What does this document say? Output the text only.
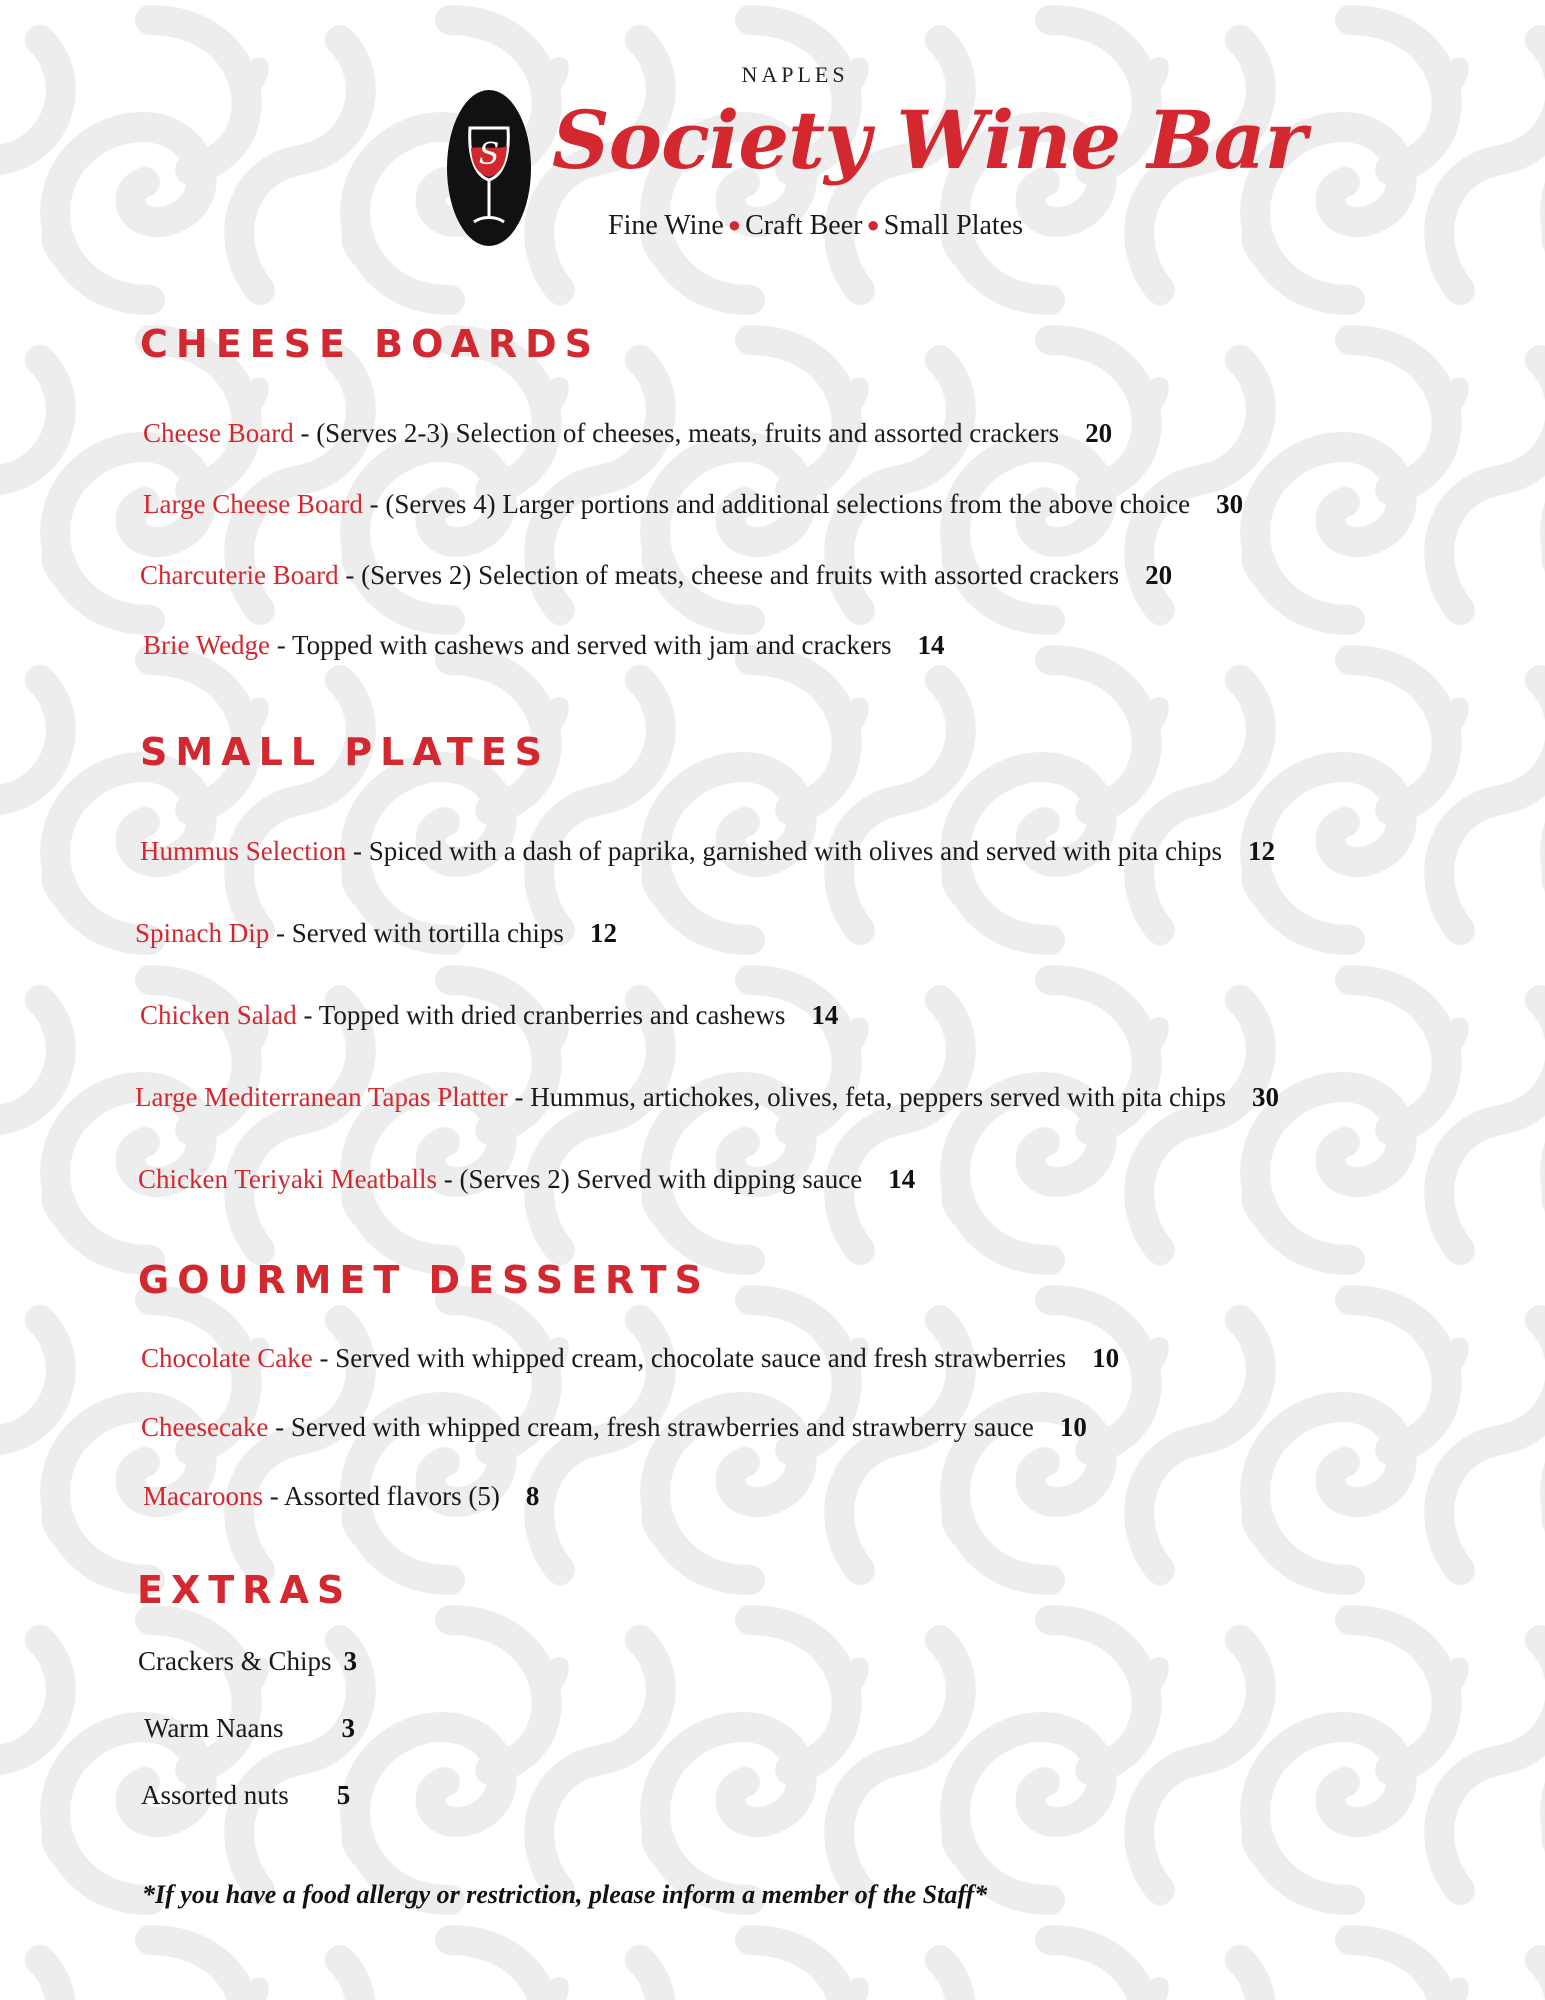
S
NAPLES
Society Wine Bar
Fine Wine ● Craft Beer ● Small Plates
CHEESE BOARDS
Cheese Board - (Serves 2-3) Selection of cheeses, meats, fruits and assorted crackers 20
Large Cheese Board - (Serves 4) Larger portions and additional selections from the above choice 30
Charcuterie Board - (Serves 2) Selection of meats, cheese and fruits with assorted crackers 20
Brie Wedge - Topped with cashews and served with jam and crackers 14
SMALL PLATES
Hummus Selection - Spiced with a dash of paprika, garnished with olives and served with pita chips 12
Spinach Dip - Served with tortilla chips 12
Chicken Salad - Topped with dried cranberries and cashews 14
Large Mediterranean Tapas Platter - Hummus, artichokes, olives, feta, peppers served with pita chips 30
Chicken Teriyaki Meatballs - (Serves 2) Served with dipping sauce 14
GOURMET DESSERTS
Chocolate Cake - Served with whipped cream, chocolate sauce and fresh strawberries 10
Cheesecake - Served with whipped cream, fresh strawberries and strawberry sauce 10
Macaroons - Assorted flavors (5) 8
EXTRAS
Crackers & Chips 3
Warm Naans 3
Assorted nuts 5
*If you have a food allergy or restriction, please inform a member of the Staff*
